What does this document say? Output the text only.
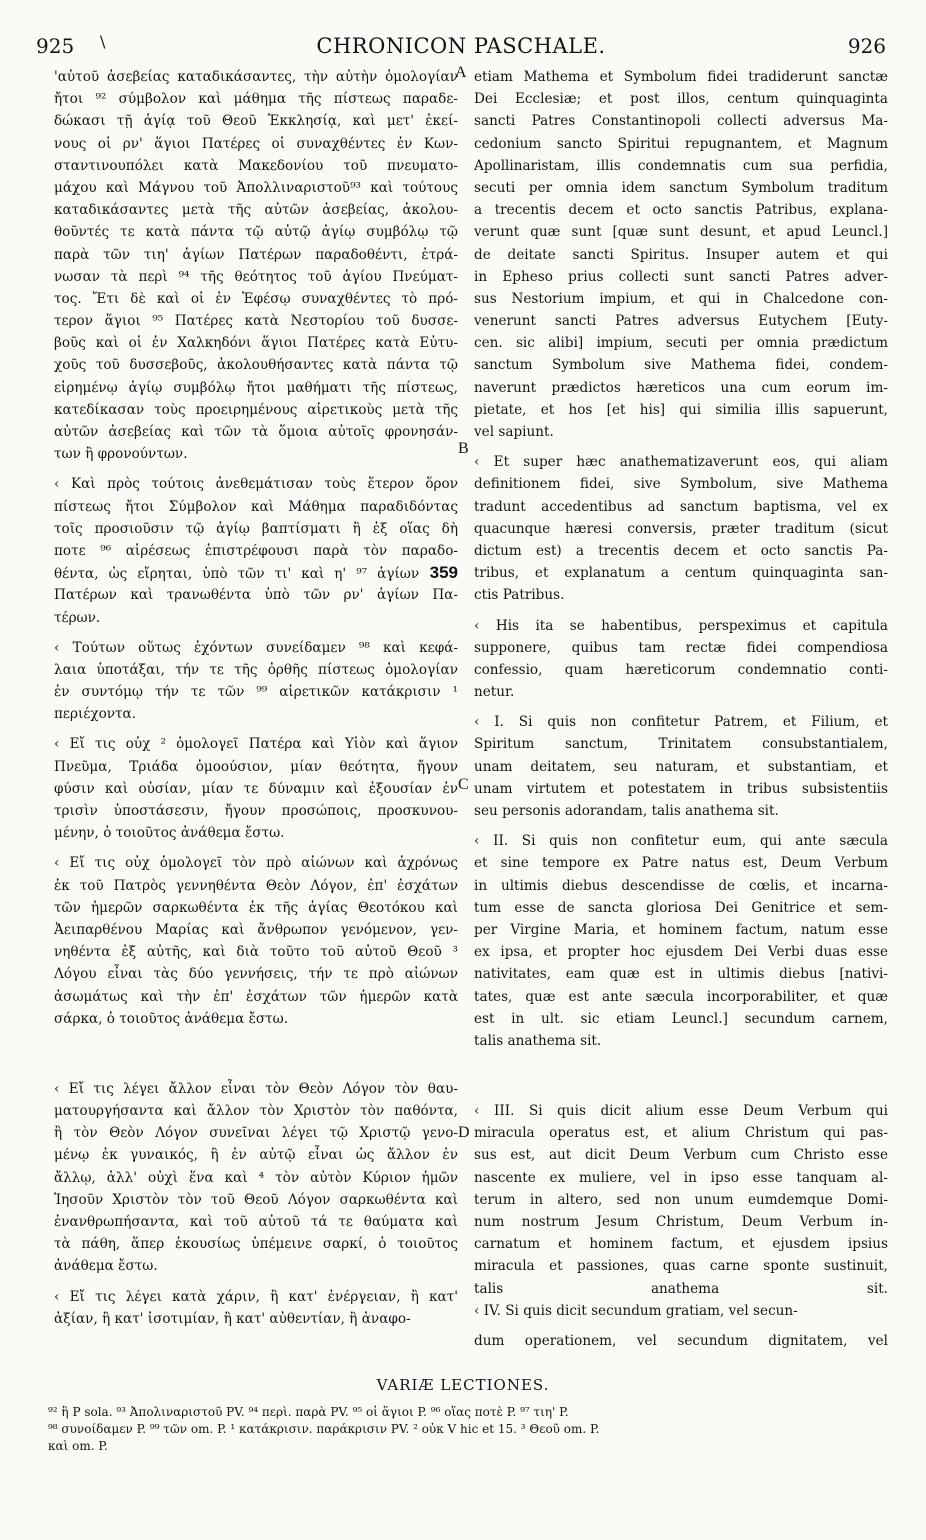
925 \	CHRONICON PASCHALE.	926
'αὐτοῦ ἀσεβείας καταδικάσαντες, τὴν αὐτὴν ὁμολογίαν
ἤτοι ⁹² σύμβολον καὶ μάθημα τῆς πίστεως παραδε-
δώκασι τῇ ἁγίᾳ τοῦ Θεοῦ Ἐκκλησίᾳ, καὶ μετ' ἐκεί-
νους οἱ ρν' ἅγιοι Πατέρες οἱ συναχθέντες ἐν Κων-
σταντινουπόλει κατὰ Μακεδονίου τοῦ πνευματο-
μάχου καὶ Μάγνου τοῦ Ἀπολλιναριστοῦ⁹³ καὶ τούτους
καταδικάσαντες μετὰ τῆς αὐτῶν ἀσεβείας, ἀκολου-
θοῦντές τε κατὰ πάντα τῷ αὐτῷ ἁγίῳ συμβόλῳ τῷ
παρὰ τῶν τιη' ἁγίων Πατέρων παραδοθέντι, ἐτρά-
νωσαν τὰ περὶ ⁹⁴ τῆς θεότητος τοῦ ἁγίου Πνεύματ-
τος. Ἔτι δὲ καὶ οἱ ἐν Ἐφέσῳ συναχθέντες τὸ πρό-
τερον ἅγιοι ⁹⁵ Πατέρες κατὰ Νεστορίου τοῦ δυσσε-
βοῦς καὶ οἱ ἐν Χαλκηδόνι ἅγιοι Πατέρες κατὰ Εὐτυ-
χοῦς τοῦ δυσσεβοῦς, ἀκολουθήσαντες κατὰ πάντα τῷ
εἰρημένῳ ἁγίῳ συμβόλῳ ἤτοι μαθήματι τῆς πίστεως,
κατεδίκασαν τοὺς προειρημένους αἱρετικοὺς μετὰ τῆς
αὐτῶν ἀσεβείας καὶ τῶν τὰ ὅμοια αὐτοῖς φρονησάν-
των ἢ φρονούντων.
‹ Καὶ πρὸς τούτοις ἀνεθεμάτισαν τοὺς ἕτερον ὅρον
πίστεως ἤτοι Σύμβολον καὶ Μάθημα παραδιδόντας
τοῖς προσιοῦσιν τῷ ἁγίῳ βαπτίσματι ἢ ἐξ οἵας δὴ
ποτε ⁹⁶ αἱρέσεως ἐπιστρέφουσι παρὰ τὸν παραδο-
θέντα, ὡς εἴρηται, ὑπὸ τῶν τι' καὶ η' ⁹⁷ ἁγίων 359
Πατέρων καὶ τρανωθέντα ὑπὸ τῶν ρν' ἁγίων Πα-
τέρων.
‹ Τούτων οὕτως ἐχόντων συνείδαμεν ⁹⁸ καὶ κεφά-
λαια ὑποτάξαι, τήν τε τῆς ὀρθῆς πίστεως ὁμολογίαν
ἐν συντόμῳ τήν τε τῶν ⁹⁹ αἱρετικῶν κατάκρισιν ¹
περιέχοντα.
‹ Εἴ τις οὐχ ² ὁμολογεῖ Πατέρα καὶ Υἱὸν καὶ ἅγιον
Πνεῦμα, Τριάδα ὁμοούσιον, μίαν θεότητα, ἤγουν
φύσιν καὶ οὐσίαν, μίαν τε δύναμιν καὶ ἐξουσίαν ἐν
τρισὶν ὑποστάσεσιν, ἤγουν προσώποις, προσκυνου-
μένην, ὁ τοιοῦτος ἀνάθεμα ἔστω.
‹ Εἴ τις οὐχ ὁμολογεῖ τὸν πρὸ αἰώνων καὶ ἀχρόνως
ἐκ τοῦ Πατρὸς γεννηθέντα Θεὸν Λόγον, ἐπ' ἐσχάτων
τῶν ἡμερῶν σαρκωθέντα ἐκ τῆς ἁγίας Θεοτόκου καὶ
Ἀειπαρθένου Μαρίας καὶ ἄνθρωπον γενόμενον, γεν-
νηθέντα ἐξ αὐτῆς, καὶ διὰ τοῦτο τοῦ αὐτοῦ Θεοῦ ³
Λόγου εἶναι τὰς δύο γεννήσεις, τήν τε πρὸ αἰώνων
ἀσωμάτως καὶ τὴν ἐπ' ἐσχάτων τῶν ἡμερῶν κατὰ
σάρκα, ὁ τοιοῦτος ἀνάθεμα ἔστω.
‹ Εἴ τις λέγει ἄλλον εἶναι τὸν Θεὸν Λόγον τὸν θαυ-
ματουργήσαντα καὶ ἄλλον τὸν Χριστὸν τὸν παθόντα,
ἢ τὸν Θεὸν Λόγον συνεῖναι λέγει τῷ Χριστῷ γενο-
μένῳ ἐκ γυναικός, ἢ ἐν αὐτῷ εἶναι ὡς ἄλλον ἐν
ἄλλῳ, ἀλλ' οὐχὶ ἕνα καὶ ⁴ τὸν αὐτὸν Κύριον ἡμῶν
Ἰησοῦν Χριστὸν τὸν τοῦ Θεοῦ Λόγον σαρκωθέντα καὶ
ἐνανθρωπήσαντα, καὶ τοῦ αὐτοῦ τά τε θαύματα καὶ
τὰ πάθη, ἅπερ ἑκουσίως ὑπέμεινε σαρκί, ὁ τοιοῦτος
ἀνάθεμα ἔστω.
‹ Εἴ τις λέγει κατὰ χάριν, ἢ κατ' ἐνέργειαν, ἢ κατ'
ἀξίαν, ἢ κατ' ἰσοτιμίαν, ἢ κατ' αὐθεντίαν, ἢ ἀναφο-
etiam Mathema et Symbolum fidei tradiderunt sanctæ
Dei Ecclesiæ; et post illos, centum quinquaginta
sancti Patres Constantinopoli collecti adversus Ma-
cedonium sancto Spiritui repugnantem, et Magnum
Apollinaristam, illis condemnatis cum sua perfidia,
secuti per omnia idem sanctum Symbolum traditum
a trecentis decem et octo sanctis Patribus, explana-
verunt quæ sunt [quæ sunt desunt, et apud Leuncl.]
de deitate sancti Spiritus. Insuper autem et qui
in Epheso prius collecti sunt sancti Patres adver-
sus Nestorium impium, et qui in Chalcedone con-
venerunt sancti Patres adversus Eutychem [Euty-
cen. sic alibi] impium, secuti per omnia prædictum
sanctum Symbolum sive Mathema fidei, condem-
naverunt prædictos hæreticos una cum eorum im-
pietate, et hos [et his] qui similia illis sapuerunt,
vel sapiunt.
‹ Et super hæc anathematizaverunt eos, qui aliam
definitionem fidei, sive Symbolum, sive Mathema
tradunt accedentibus ad sanctum baptisma, vel ex
quacunque hæresi conversis, præter traditum (sicut
dictum est) a trecentis decem et octo sanctis Pa-
tribus, et explanatum a centum quinquaginta san-
ctis Patribus.
‹ His ita se habentibus, perspeximus et capitula
supponere, quibus tam rectæ fidei compendiosa
confessio, quam hæreticorum condemnatio conti-
netur.
‹ I. Si quis non confitetur Patrem, et Filium, et
Spiritum sanctum, Trinitatem consubstantialem,
unam deitatem, seu naturam, et substantiam, et
unam virtutem et potestatem in tribus subsistentiis
seu personis adorandam, talis anathema sit.
‹ II. Si quis non confitetur eum, qui ante sæcula
et sine tempore ex Patre natus est, Deum Verbum
in ultimis diebus descendisse de cœlis, et incarna-
tum esse de sancta gloriosa Dei Genitrice et sem-
per Virgine Maria, et hominem factum, natum esse
ex ipsa, et propter hoc ejusdem Dei Verbi duas esse
nativitates, eam quæ est in ultimis diebus [nativi-
tates, quæ est ante sæcula incorporabiliter, et quæ
est in ult. sic etiam Leuncl.] secundum carnem,
talis anathema sit.
‹ III. Si quis dicit alium esse Deum Verbum qui
miracula operatus est, et alium Christum qui pas-
sus est, aut dicit Deum Verbum cum Christo esse
nascente ex muliere, vel in ipso esse tanquam al-
terum in altero, sed non unum eumdemque Domi-
num nostrum Jesum Christum, Deum Verbum in-
carnatum et hominem factum, et ejusdem ipsius
miracula et passiones, quas carne sponte sustinuit,
talis anathema sit.
‹ IV. Si quis dicit secundum gratiam, vel secun-
dum operationem, vel secundum dignitatem, vel
A
B
C
D
VARIÆ LECTIONES.
⁹² ἢ P sola. ⁹³ Ἀπολιναριστοῦ PV. ⁹⁴ περὶ. παρὰ PV. ⁹⁵ οἱ ἅγιοι P. ⁹⁶ οἵας ποτὲ P. ⁹⁷ τιη' P.
⁹⁸ συνοίδαμεν P. ⁹⁹ τῶν om. P. ¹ κατάκρισιν. παράκρισιν PV. ² οὐκ V hic et 15. ³ Θεοῦ om. P.
καὶ om. P.
